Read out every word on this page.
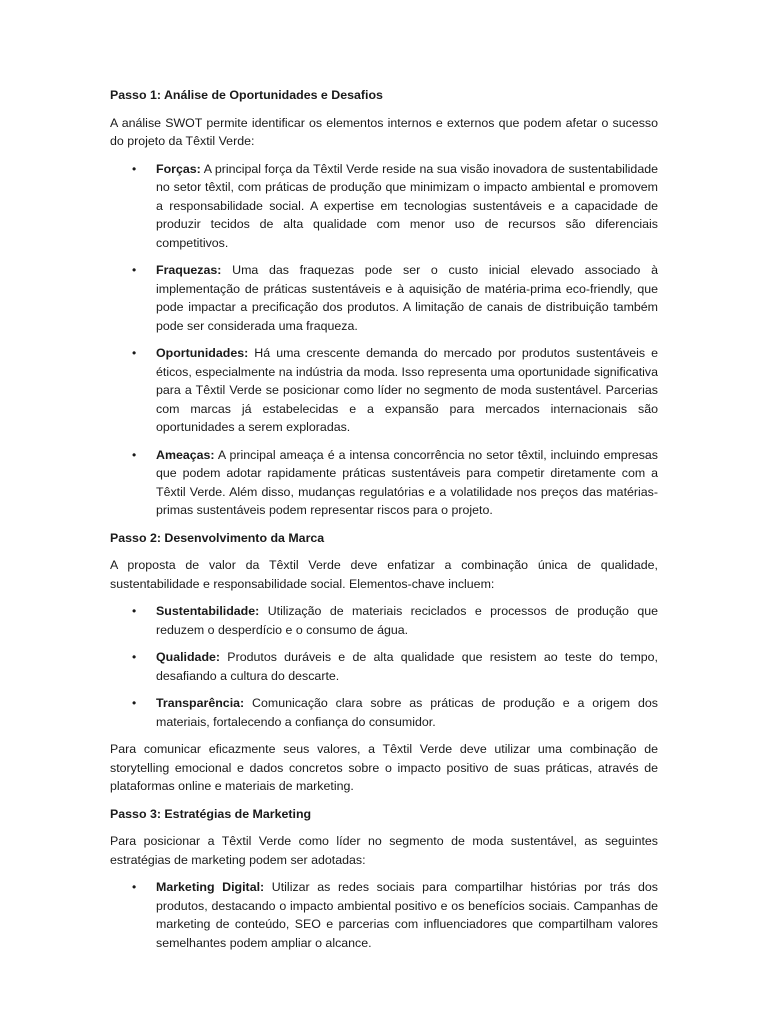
Passo 1: Análise de Oportunidades e Desafios

A análise SWOT permite identificar os elementos internos e externos que podem afetar o sucesso do projeto da Têxtil Verde:

• Forças: A principal força da Têxtil Verde reside na sua visão inovadora de sustentabilidade no setor têxtil, com práticas de produção que minimizam o impacto ambiental e promovem a responsabilidade social. A expertise em tecnologias sustentáveis e a capacidade de produzir tecidos de alta qualidade com menor uso de recursos são diferenciais competitivos.
• Fraquezas: Uma das fraquezas pode ser o custo inicial elevado associado à implementação de práticas sustentáveis e à aquisição de matéria-prima eco-friendly, que pode impactar a precificação dos produtos. A limitação de canais de distribuição também pode ser considerada uma fraqueza.
• Oportunidades: Há uma crescente demanda do mercado por produtos sustentáveis e éticos, especialmente na indústria da moda. Isso representa uma oportunidade significativa para a Têxtil Verde se posicionar como líder no segmento de moda sustentável. Parcerias com marcas já estabelecidas e a expansão para mercados internacionais são oportunidades a serem exploradas.
• Ameaças: A principal ameaça é a intensa concorrência no setor têxtil, incluindo empresas que podem adotar rapidamente práticas sustentáveis para competir diretamente com a Têxtil Verde. Além disso, mudanças regulatórias e a volatilidade nos preços das matérias-primas sustentáveis podem representar riscos para o projeto.
Passo 2: Desenvolvimento da Marca

A proposta de valor da Têxtil Verde deve enfatizar a combinação única de qualidade, sustentabilidade e responsabilidade social. Elementos-chave incluem:

• Sustentabilidade: Utilização de materiais reciclados e processos de produção que reduzem o desperdício e o consumo de água.
• Qualidade: Produtos duráveis e de alta qualidade que resistem ao teste do tempo, desafiando a cultura do descarte.
• Transparência: Comunicação clara sobre as práticas de produção e a origem dos materiais, fortalecendo a confiança do consumidor.

Para comunicar eficazmente seus valores, a Têxtil Verde deve utilizar uma combinação de storytelling emocional e dados concretos sobre o impacto positivo de suas práticas, através de plataformas online e materiais de marketing.

Passo 3: Estratégias de Marketing

Para posicionar a Têxtil Verde como líder no segmento de moda sustentável, as seguintes estratégias de marketing podem ser adotadas:

• Marketing Digital: Utilizar as redes sociais para compartilhar histórias por trás dos produtos, destacando o impacto ambiental positivo e os benefícios sociais. Campanhas de marketing de conteúdo, SEO e parcerias com influenciadores que compartilham valores semelhantes podem ampliar o alcance.
